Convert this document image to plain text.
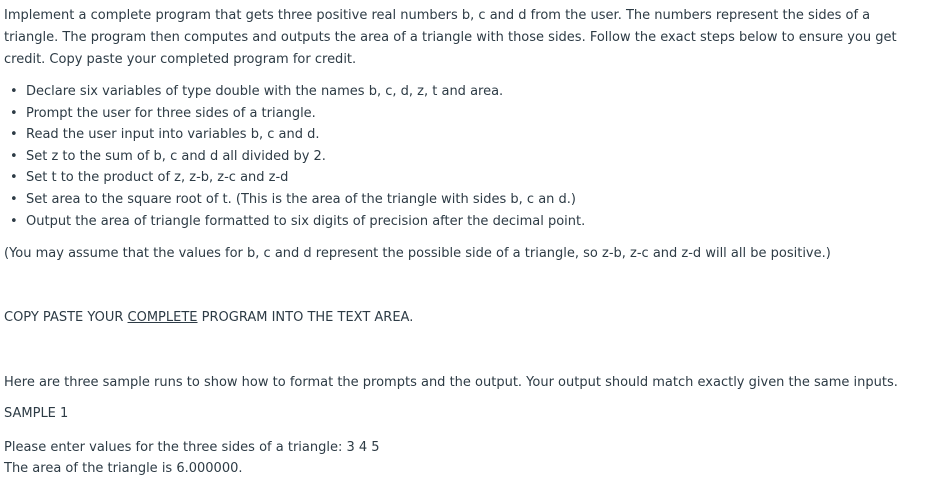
Implement a complete program that gets three positive real numbers b, c and d from the user. The numbers represent the sides of a triangle. The program then computes and outputs the area of a triangle with those sides. Follow the exact steps below to ensure you get credit. Copy paste your completed program for credit.

• Declare six variables of type double with the names b, c, d, z, t and area.
• Prompt the user for three sides of a triangle.
• Read the user input into variables b, c and d.
• Set z to the sum of b, c and d all divided by 2.
• Set t to the product of z, z-b, z-c and z-d
• Set area to the square root of t. (This is the area of the triangle with sides b, c an d.)
• Output the area of triangle formatted to six digits of precision after the decimal point.

(You may assume that the values for b, c and d represent the possible side of a triangle, so z-b, z-c and z-d will all be positive.)

COPY PASTE YOUR COMPLETE PROGRAM INTO THE TEXT AREA.

Here are three sample runs to show how to format the prompts and the output. Your output should match exactly given the same inputs.

SAMPLE 1

Please enter values for the three sides of a triangle: 3 4 5

The area of the triangle is 6.000000.
